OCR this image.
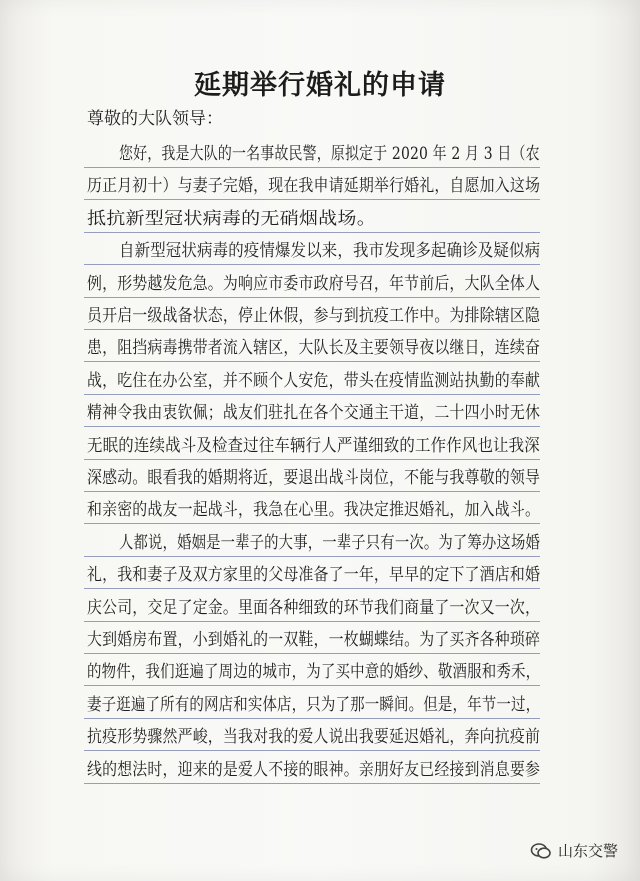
延期举行婚礼的申请
尊敬的大队领导：
您好，我是大队的一名事故民警，原拟定于 2020 年 2 月 3 日（农
历正月初十）与妻子完婚，现在我申请延期举行婚礼，自愿加入这场
抵抗新型冠状病毒的无硝烟战场。
自新型冠状病毒的疫情爆发以来，我市发现多起确诊及疑似病
例，形势越发危急。为响应市委市政府号召，年节前后，大队全体人
员开启一级战备状态，停止休假，参与到抗疫工作中。为排除辖区隐
患，阻挡病毒携带者流入辖区，大队长及主要领导夜以继日，连续奋
战，吃住在办公室，并不顾个人安危，带头在疫情监测站执勤的奉献
精神令我由衷钦佩；战友们驻扎在各个交通主干道，二十四小时无休
无眠的连续战斗及检查过往车辆行人严谨细致的工作作风也让我深
深感动。眼看我的婚期将近，要退出战斗岗位，不能与我尊敬的领导
和亲密的战友一起战斗，我急在心里。我决定推迟婚礼，加入战斗。
人都说，婚姻是一辈子的大事，一辈子只有一次。为了筹办这场婚
礼，我和妻子及双方家里的父母准备了一年，早早的定下了酒店和婚
庆公司，交足了定金。里面各种细致的环节我们商量了一次又一次，
大到婚房布置，小到婚礼的一双鞋，一枚蝴蝶结。为了买齐各种琐碎
的物件，我们逛遍了周边的城市，为了买中意的婚纱、敬酒服和秀禾，
妻子逛遍了所有的网店和实体店，只为了那一瞬间。但是，年节一过，
抗疫形势骤然严峻，当我对我的爱人说出我要延迟婚礼，奔向抗疫前
线的想法时，迎来的是爱人不接的眼神。亲朋好友已经接到消息要参
山东交警
